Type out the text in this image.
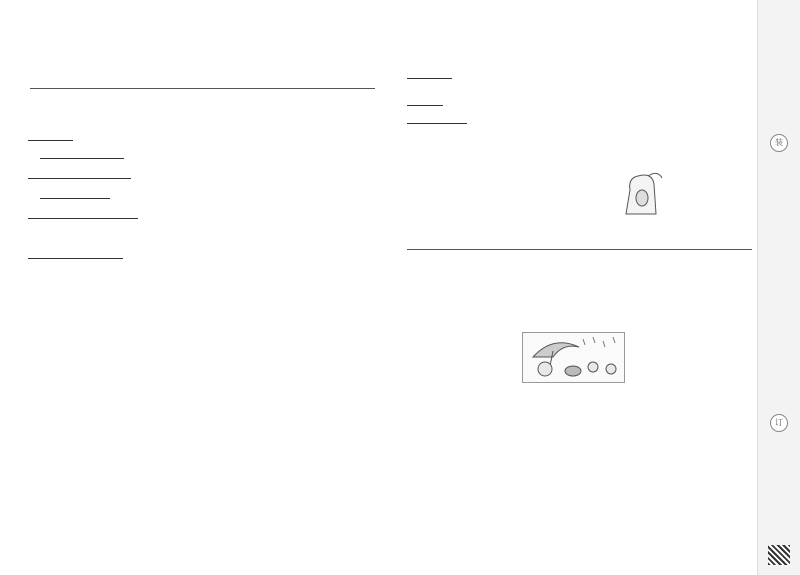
装
订
